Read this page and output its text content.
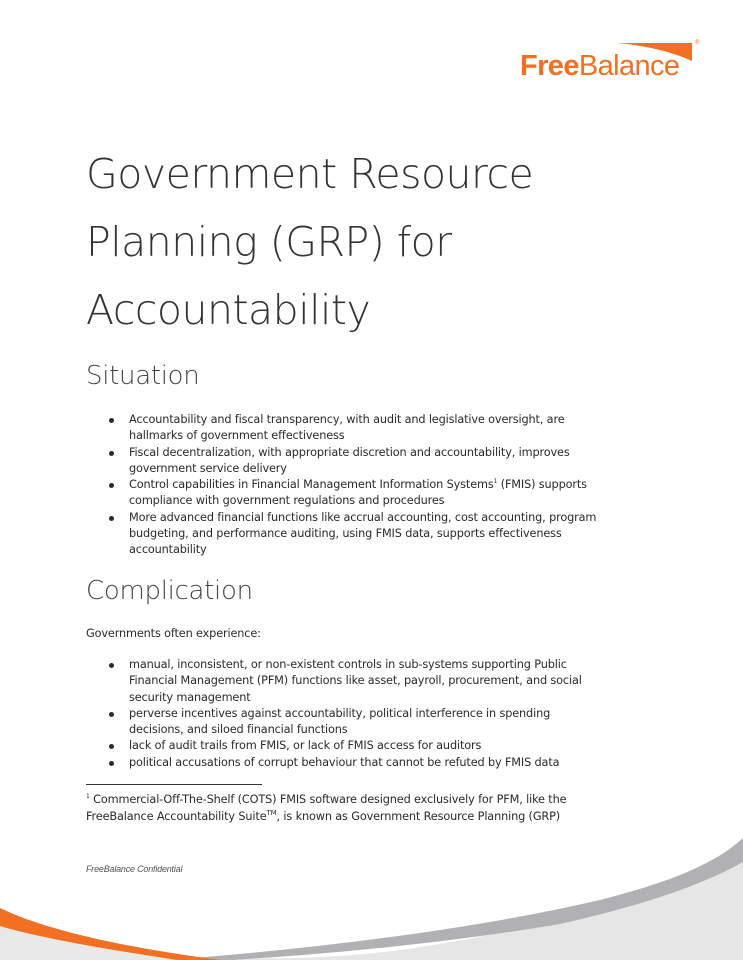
®
FreeBalance
Government Resource
Planning (GRP) for
Accountability
Situation
Accountability and fiscal transparency, with audit and legislative oversight, are hallmarks of government effectiveness
Fiscal decentralization, with appropriate discretion and accountability, improves government service delivery
Control capabilities in Financial Management Information Systems$^1$ (FMIS) supports compliance with government regulations and procedures
More advanced financial functions like accrual accounting, cost accounting, program budgeting, and performance auditing, using FMIS data, supports effectiveness accountability
Complication
Governments often experience:
manual, inconsistent, or non-existent controls in sub-systems supporting Public Financial Management (PFM) functions like asset, payroll, procurement, and social security management
perverse incentives against accountability, political interference in spending decisions, and siloed financial functions
lack of audit trails from FMIS, or lack of FMIS access for auditors
political accusations of corrupt behaviour that cannot be refuted by FMIS data
$^1$ Commercial-Off-The-Shelf (COTS) FMIS software designed exclusively for PFM, like the FreeBalance Accountability Suite™, is known as Government Resource Planning (GRP)
FreeBalance Confidential
